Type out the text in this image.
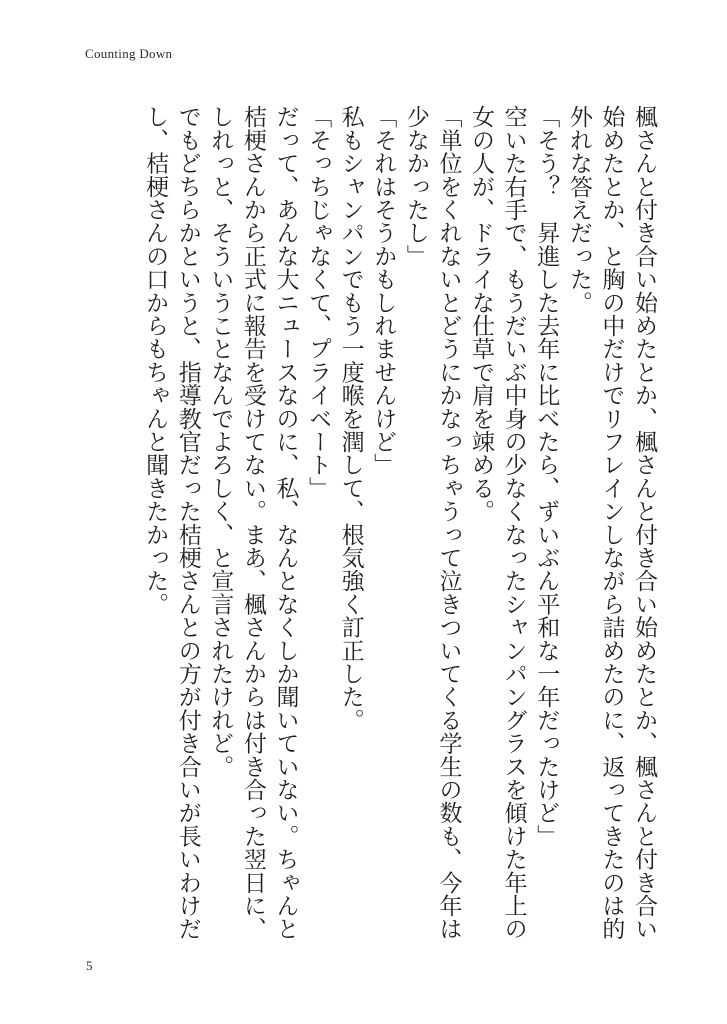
Counting Down

楓さんと付き合い始めたとか、楓さんと付き合い始めたとか、楓さんと付き合い始めたとか、と胸の中だけでリフレインしながら詰めたのに、返ってきたのは的外れな答えだった。

「そう？　昇進した去年に比べたら、ずいぶん平和な一年だったけど」

空いた右手で、もうだいぶ中身の少なくなったシャンパングラスを傾けた年上の女の人が、ドライな仕草で肩を竦める。

「単位をくれないとどうにかなっちゃうって泣きついてくる学生の数も、今年は少なかったし」

「それはそうかもしれませんけど」

私もシャンパンでもう一度喉を潤して、根気強く訂正した。

「そっちじゃなくて、プライベート」

だって、あんな大ニュースなのに、私、なんとなくしか聞いていない。ちゃんと桔梗さんから正式に報告を受けてない。まあ、楓さんからは付き合った翌日に、しれっと、そういうことなんでよろしく、と宣言されたけれど。

でもどちらかというと、指導教官だった桔梗さんとの方が付き合いが長いわけだし、桔梗さんの口からもちゃんと聞きたかった。

5
